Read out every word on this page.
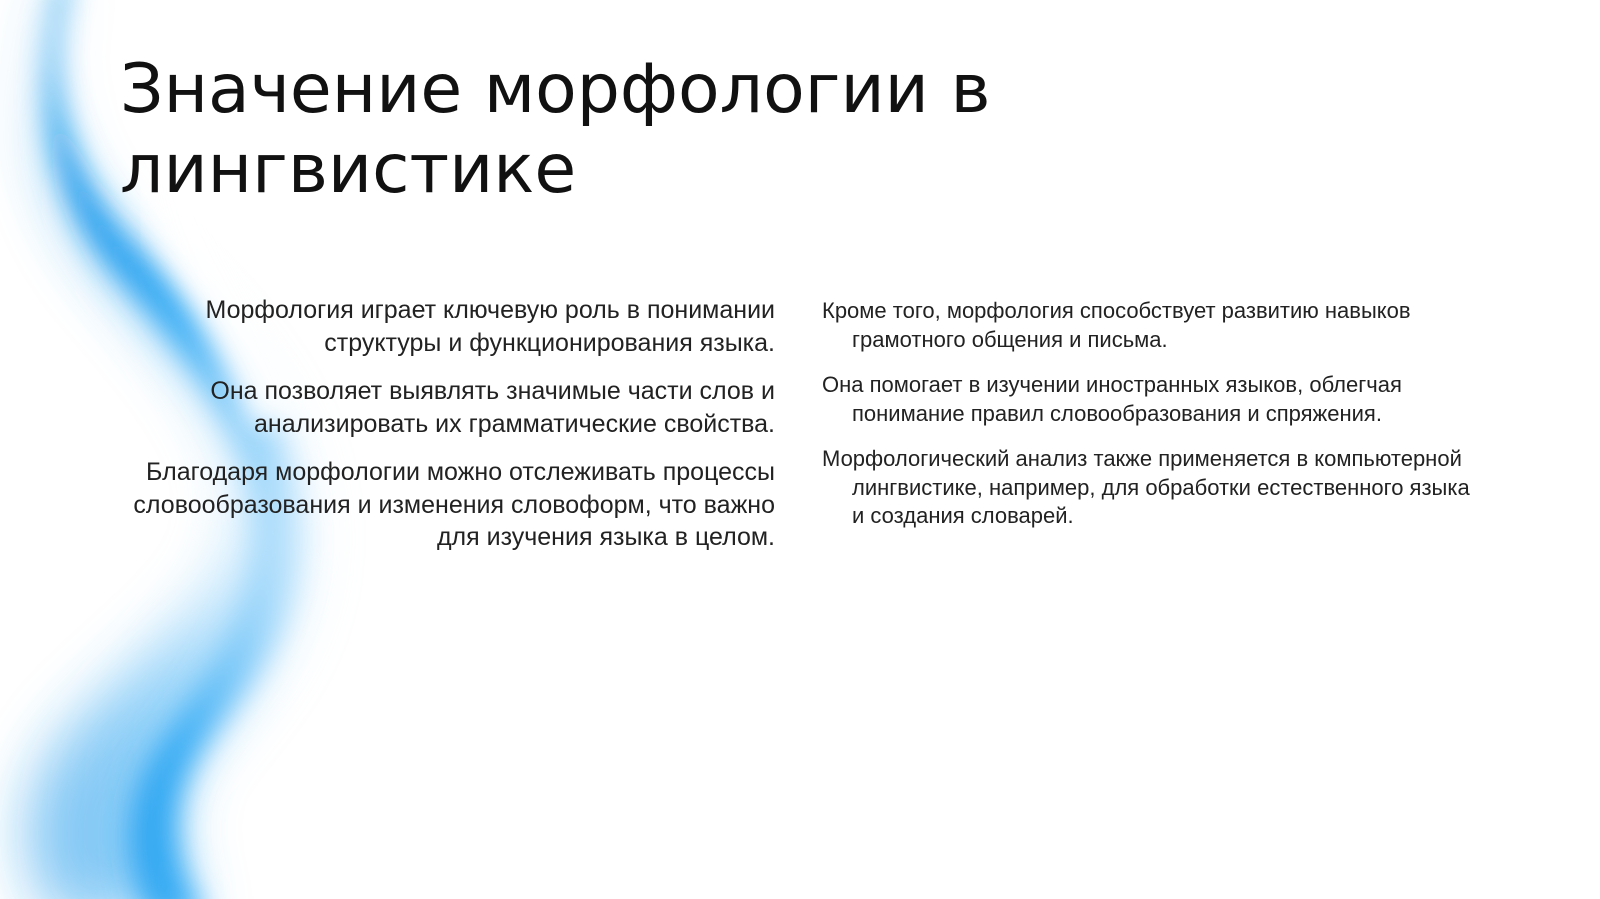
Значение морфологии в лингвистике

Морфология играет ключевую роль в понимании структуры и функционирования языка.

Она позволяет выявлять значимые части слов и анализировать их грамматические свойства.

Благодаря морфологии можно отслеживать процессы словообразования и изменения словоформ, что важно для изучения языка в целом.

Кроме того, морфология способствует развитию навыков грамотного общения и письма.

Она помогает в изучении иностранных языков, облегчая понимание правил словообразования и спряжения.

Морфологический анализ также применяется в компьютерной лингвистике, например, для обработки естественного языка и создания словарей.
